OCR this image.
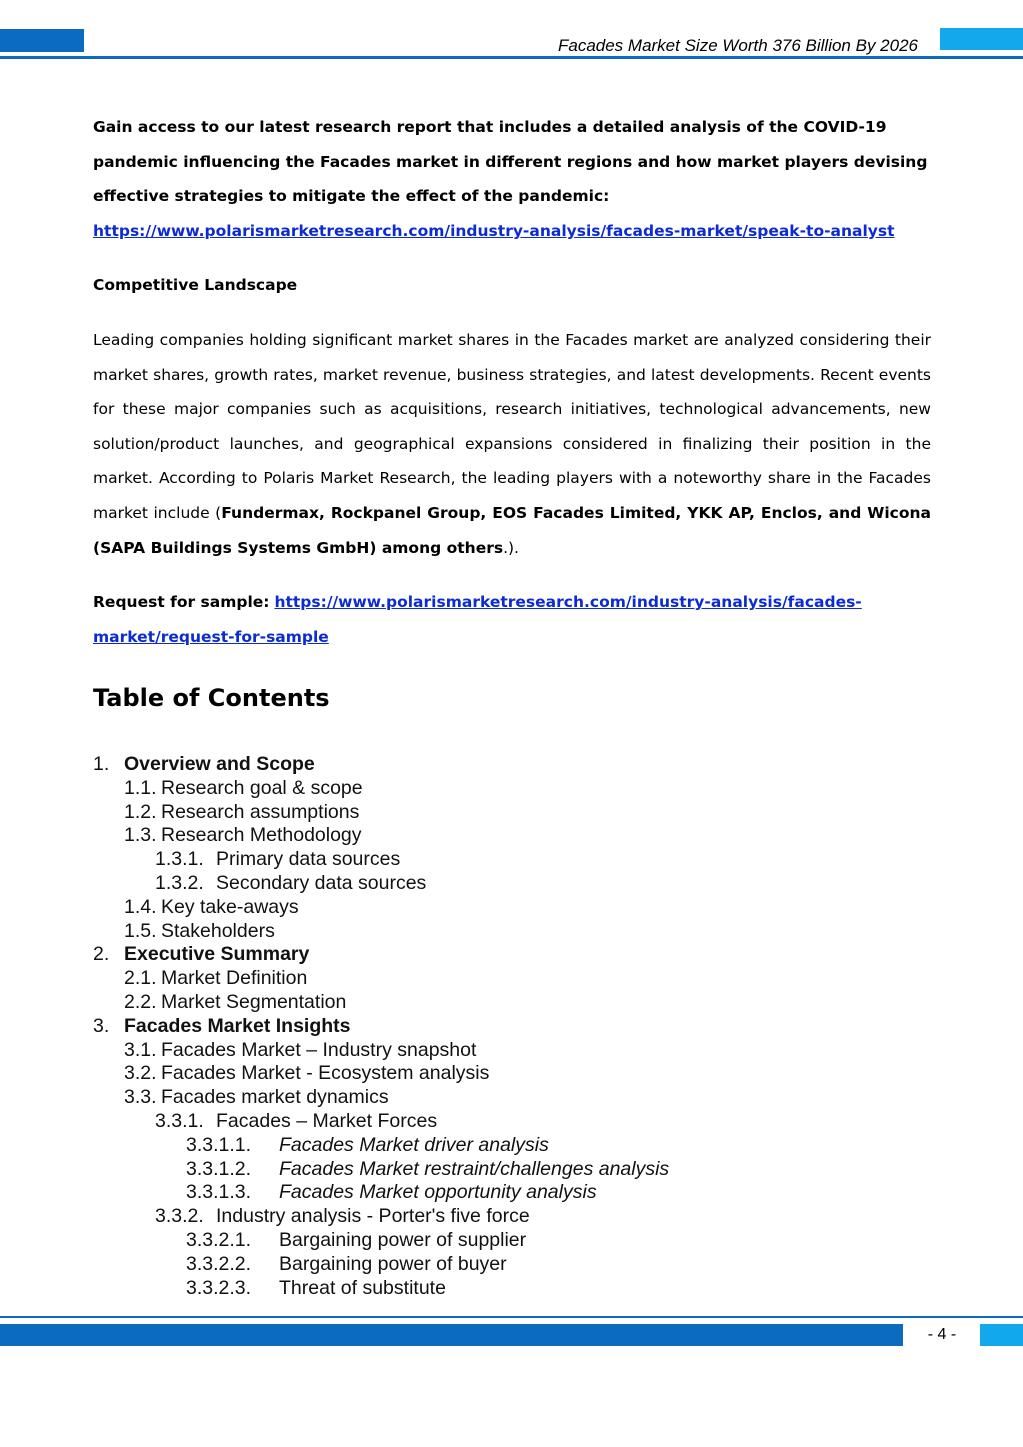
Facades Market Size Worth 376 Billion By 2026

Gain access to our latest research report that includes a detailed analysis of the COVID-19 pandemic influencing the Facades market in different regions and how market players devising effective strategies to mitigate the effect of the pandemic:  https://www.polarismarketresearch.com/industry-analysis/facades-market/speak-to-analyst

Competitive Landscape

Leading companies holding significant market shares in the Facades market are analyzed considering their market shares, growth rates, market revenue, business strategies, and latest developments. Recent events for these major companies such as acquisitions, research initiatives, technological advancements, new solution/product launches, and geographical expansions considered in finalizing their position in the market. According to Polaris Market Research, the leading players with a noteworthy share in the Facades market include (Fundermax, Rockpanel Group, EOS Facades Limited, YKK AP, Enclos, and Wicona (SAPA Buildings Systems GmbH) among others.).

Request for sample: https://www.polarismarketresearch.com/industry-analysis/facades-market/request-for-sample

Table of Contents

1. Overview and Scope
1.1. Research goal & scope
1.2. Research assumptions
1.3. Research Methodology
1.3.1. Primary data sources
1.3.2. Secondary data sources
1.4. Key take-aways
1.5. Stakeholders
2. Executive Summary
2.1. Market Definition
2.2. Market Segmentation
3. Facades Market Insights
3.1. Facades Market – Industry snapshot
3.2. Facades Market - Ecosystem analysis
3.3. Facades market dynamics
3.3.1. Facades – Market Forces
3.3.1.1. Facades Market driver analysis
3.3.1.2. Facades Market restraint/challenges analysis
3.3.1.3. Facades Market opportunity analysis
3.3.2. Industry analysis - Porter's five force
3.3.2.1. Bargaining power of supplier
3.3.2.2. Bargaining power of buyer
3.3.2.3. Threat of substitute
- 4 -
